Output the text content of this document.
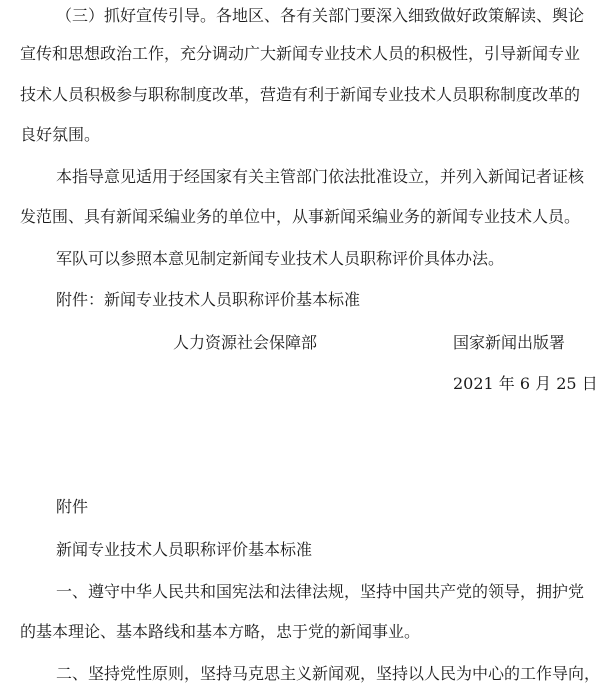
（三）抓好宣传引导。各地区、各有关部门要深入细致做好政策解读、舆论
宣传和思想政治工作，充分调动广大新闻专业技术人员的积极性，引导新闻专业
技术人员积极参与职称制度改革，营造有利于新闻专业技术人员职称制度改革的
良好氛围。
本指导意见适用于经国家有关主管部门依法批准设立，并列入新闻记者证核
发范围、具有新闻采编业务的单位中，从事新闻采编业务的新闻专业技术人员。
军队可以参照本意见制定新闻专业技术人员职称评价具体办法。
附件：新闻专业技术人员职称评价基本标准
人力资源社会保障部	国家新闻出版署
2021 年 6 月 25 日
附件
新闻专业技术人员职称评价基本标准
一、遵守中华人民共和国宪法和法律法规，坚持中国共产党的领导，拥护党
的基本理论、基本路线和基本方略，忠于党的新闻事业。
二、坚持党性原则，坚持马克思主义新闻观，坚持以人民为中心的工作导向，
